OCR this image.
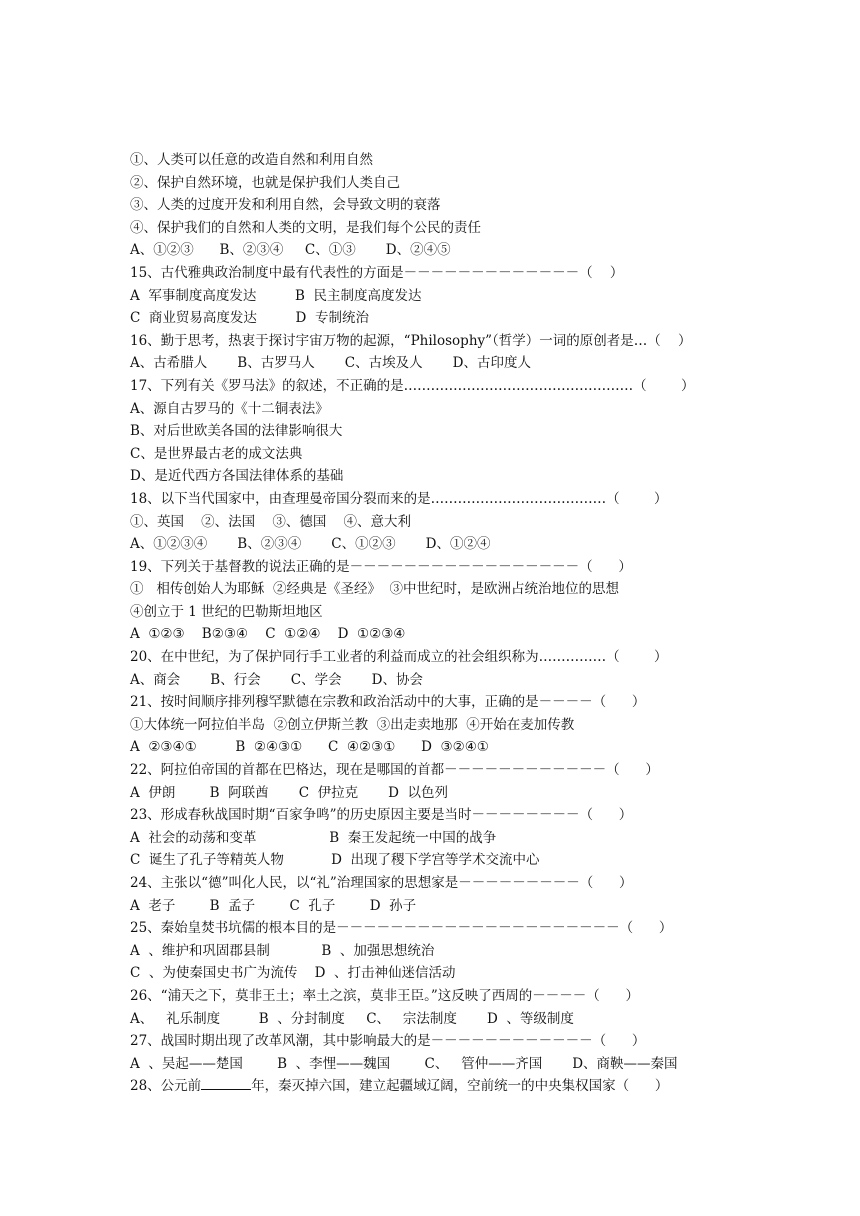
①、人类可以任意的改造自然和利用自然
②、保护自然环境，也就是保护我们人类自己
③、人类的过度开发和利用自然，会导致文明的衰落
④、保护我们的自然和人类的文明，是我们每个公民的责任
A、①②③      B、②③④     C、①③       D、②④⑤
15、古代雅典政治制度中最有代表性的方面是－－－－－－－－－－－－－（    ）
A  军事制度高度发达         B  民主制度高度发达
C  商业贸易高度发达         D  专制统治
16、勤于思考，热衷于探讨宇宙万物的起源，“Philosophy”（哲学）一词的原创者是…（    ）
A、古希腊人       B、古罗马人       C、古埃及人       D、古印度人
17、下列有关《罗马法》的叙述，不正确的是……………………………………………（        ）
A、源自古罗马的《十二铜表法》
B、对后世欧美各国的法律影响很大
C、是世界最古老的成文法典
D、是近代西方各国法律体系的基础
18、以下当代国家中，由查理曼帝国分裂而来的是…………………………………（        ）
①、英国    ②、法国    ③、德国    ④、意大利
A、①②③④       B、②③④       C、①②③       D、①②④
19、下列关于基督教的说法正确的是－－－－－－－－－－－－－－－－－（      ）
①   相传创始人为耶稣  ②经典是《圣经》  ③中世纪时，是欧洲占统治地位的思想
④创立于 1 世纪的巴勒斯坦地区
A  ①②③    B②③④    C  ①②④    D  ①②③④
20、在中世纪，为了保护同行手工业者的利益而成立的社会组织称为……………（        ）
A、商会       B、行会       C、学会       D、协会
21、按时间顺序排列穆罕默德在宗教和政治活动中的大事，正确的是－－－－（      ）
①大体统一阿拉伯半岛  ②创立伊斯兰教  ③出走卖地那  ④开始在麦加传教
A  ②③④①         B  ②④③①      C  ④②③①      D  ③②④①
22、阿拉伯帝国的首都在巴格达，现在是哪国的首都－－－－－－－－－－－－（      ）
A  伊朗        B  阿联酋       C  伊拉克       D  以色列
23、形成春秋战国时期“百家争鸣”的历史原因主要是当时－－－－－－－－（      ）
A  社会的动荡和变革                 B  秦王发起统一中国的战争
C  诞生了孔子等精英人物           D  出现了稷下学宫等学术交流中心
24、主张以“德”叫化人民，以“礼”治理国家的思想家是－－－－－－－－－（      ）
A  老子        B  孟子        C  孔子        D  孙子
25、秦始皇焚书坑儒的根本目的是－－－－－－－－－－－－－－－－－－－－－（      ）
A  、维护和巩固郡县制            B  、加强思想统治
C  、为使秦国史书广为流传    D  、打击神仙迷信活动
26、“浦天之下，莫非王土；率土之滨，莫非王臣。”这反映了西周的－－－－（      ）
A、   礼乐制度         B  、分封制度     C、   宗法制度       D  、等级制度
27、战国时期出现了改革风潮，其中影响最大的是－－－－－－－－－－－－（      ）
A  、吴起——楚国        B  、李悝——魏国        C、   管仲——齐国       D、商鞅——秦国
28、公元前	年，秦灭掉六国，建立起疆域辽阔，空前统一的中央集权国家（      ）
